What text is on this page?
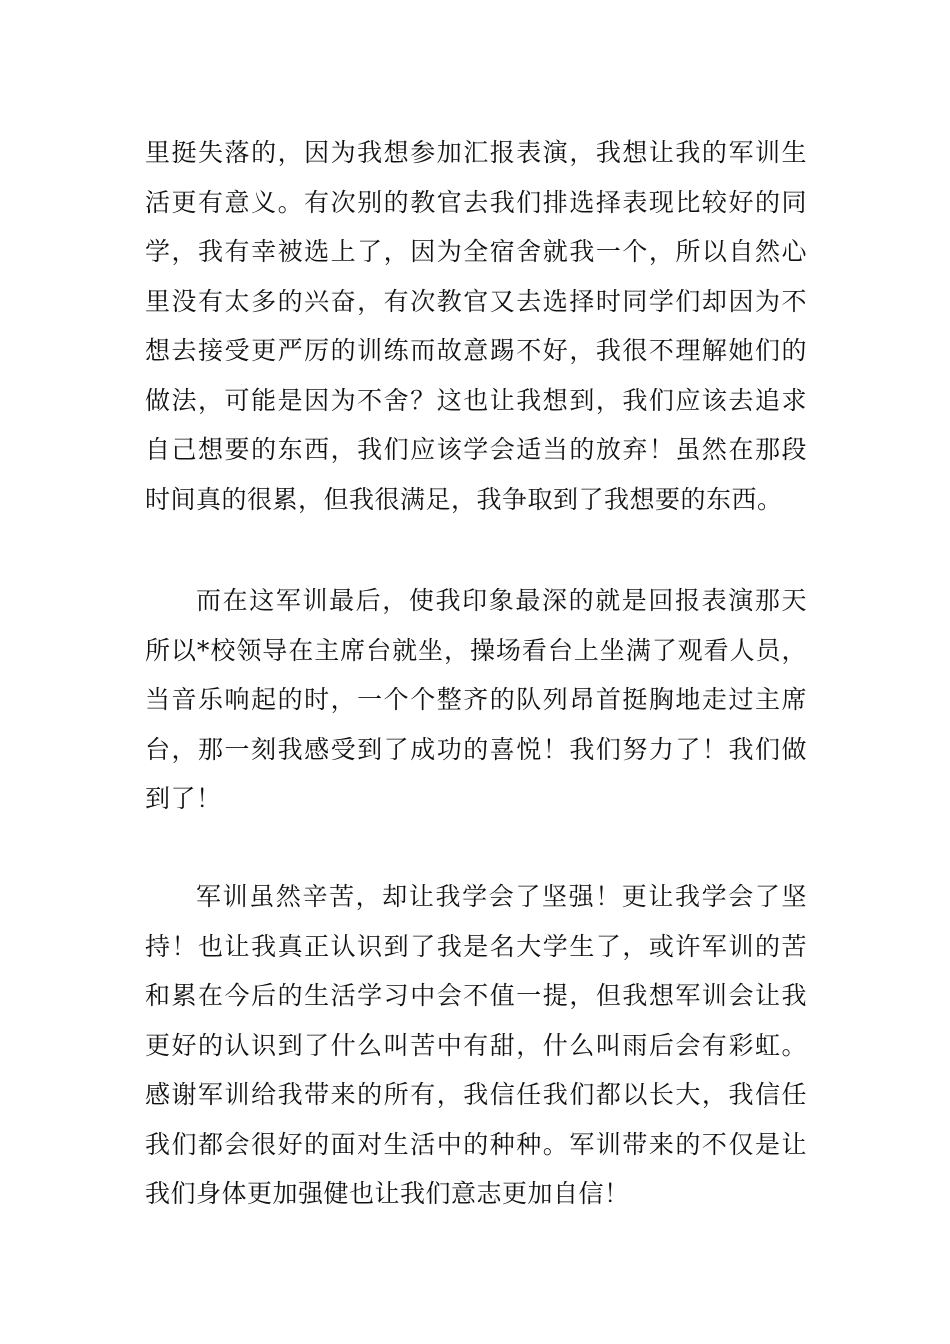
里挺失落的，因为我想参加汇报表演，我想让我的军训生活更有意义。有次别的教官去我们排选择表现比较好的同学，我有幸被选上了，因为全宿舍就我一个，所以自然心里没有太多的兴奋，有次教官又去选择时同学们却因为不想去接受更严厉的训练而故意踢不好，我很不理解她们的做法，可能是因为不舍？这也让我想到，我们应该去追求自己想要的东西，我们应该学会适当的放弃！虽然在那段时间真的很累，但我很满足，我争取到了我想要的东西。

而在这军训最后，使我印象最深的就是回报表演那天所以*校领导在主席台就坐，操场看台上坐满了观看人员，当音乐响起的时，一个个整齐的队列昂首挺胸地走过主席台，那一刻我感受到了成功的喜悦！我们努力了！我们做到了！

军训虽然辛苦，却让我学会了坚强！更让我学会了坚持！也让我真正认识到了我是名大学生了，或许军训的苦和累在今后的生活学习中会不值一提，但我想军训会让我更好的认识到了什么叫苦中有甜，什么叫雨后会有彩虹。感谢军训给我带来的所有，我信任我们都以长大，我信任我们都会很好的面对生活中的种种。军训带来的不仅是让我们身体更加强健也让我们意志更加自信！
